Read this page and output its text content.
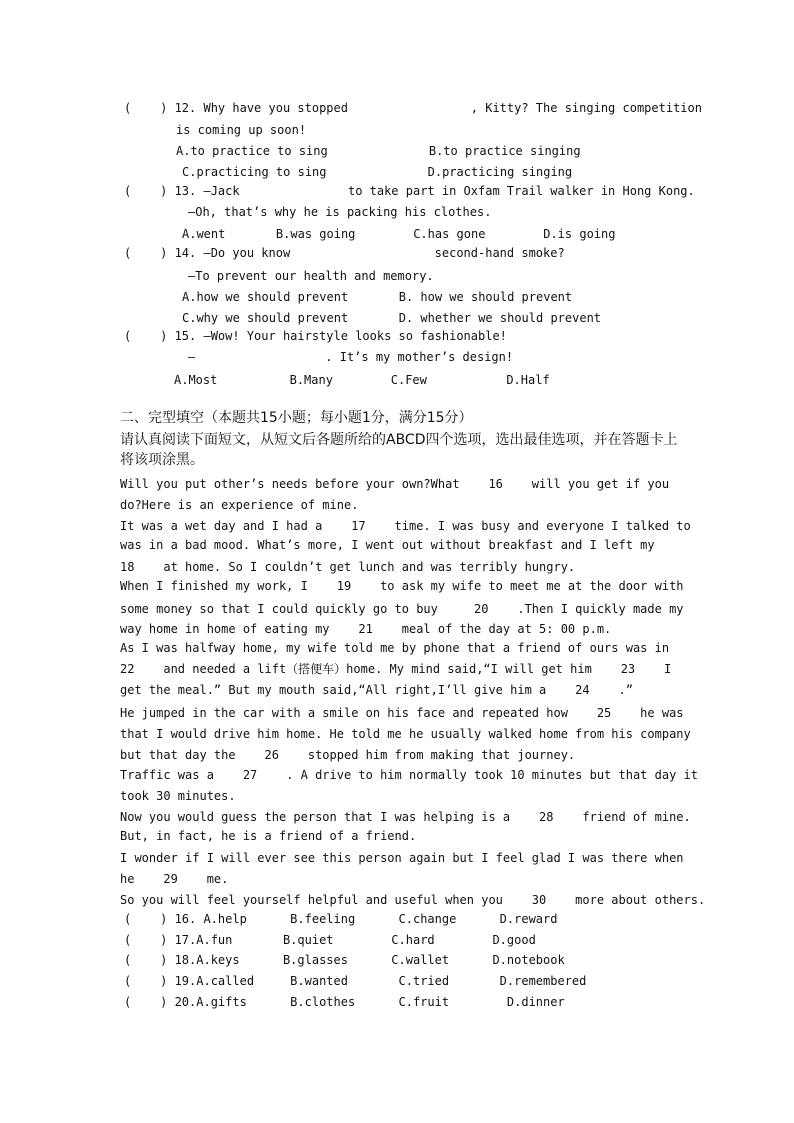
(    ) 12. Why have you stopped                 , Kitty? The singing competition
is coming up soon!
A.to practice to sing              B.to practice singing
C.practicing to sing              D.practicing singing
(    ) 13. —Jack               to take part in Oxfam Trail walker in Hong Kong.
—Oh, that’s why he is packing his clothes.
A.went       B.was going        C.has gone        D.is going
(    ) 14. —Do you know                    second-hand smoke?
—To prevent our health and memory.
A.how we should prevent       B. how we should prevent
C.why we should prevent       D. whether we should prevent
(    ) 15. —Wow! Your hairstyle looks so fashionable!
—                  . It’s my mother’s design!
A.Most          B.Many        C.Few           D.Half
二、完型填空（本题共15小题；每小题1分，满分15分）
请认真阅读下面短文，从短文后各题所给的ABCD四个选项，选出最佳选项，并在答题卡上
将该项涂黑。
Will you put other’s needs before your own?What    16    will you get if you
do?Here is an experience of mine.
It was a wet day and I had a    17    time. I was busy and everyone I talked to
was in a bad mood. What’s more, I went out without breakfast and I left my
18    at home. So I couldn’t get lunch and was terribly hungry.
When I finished my work, I    19    to ask my wife to meet me at the door with
some money so that I could quickly go to buy     20    .Then I quickly made my
way home in home of eating my    21    meal of the day at 5: 00 p.m.
As I was halfway home, my wife told me by phone that a friend of ours was in
22    and needed a lift（搭便车）home. My mind said,“I will get him    23    I
get the meal.” But my mouth said,“All right,I’ll give him a    24    .”
He jumped in the car with a smile on his face and repeated how    25    he was
that I would drive him home. He told me he usually walked home from his company
but that day the    26    stopped him from making that journey.
Traffic was a    27    . A drive to him normally took 10 minutes but that day it
took 30 minutes.
Now you would guess the person that I was helping is a    28    friend of mine.
But, in fact, he is a friend of a friend.
I wonder if I will ever see this person again but I feel glad I was there when
he    29    me.
So you will feel yourself helpful and useful when you    30    more about others.
(    ) 16. A.help      B.feeling      C.change      D.reward
(    ) 17.A.fun       B.quiet        C.hard        D.good
(    ) 18.A.keys      B.glasses      C.wallet      D.notebook
(    ) 19.A.called     B.wanted       C.tried       D.remembered
(    ) 20.A.gifts      B.clothes      C.fruit        D.dinner
